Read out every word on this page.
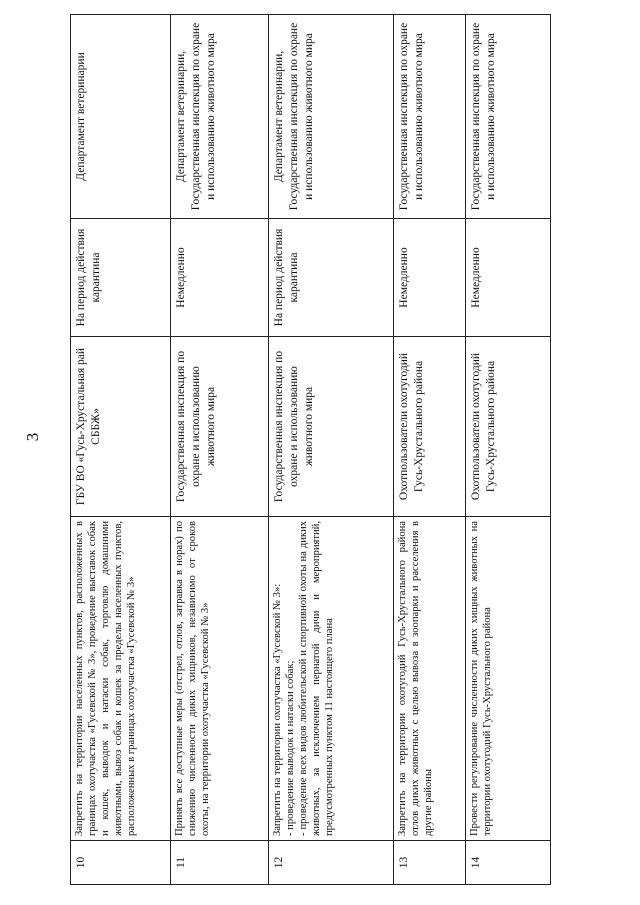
3
10	Запретить на территории населенных пунктов, расположенных в границах охотучастка «Гусевской № 3», проведение выставок собак и кошек, выводок и натаски собак, торговлю домашними животными, вывоз собак и кошек за пределы населенных пунктов, расположенных в границах охотучастка «Гусевской № 3»	ГБУ ВО «Гусь-Хрустальная рай СББЖ»	На период действия карантина	Департамент ветеринарии
11	Принять все доступные меры (отстрел, отлов, затравка в норах) по снижению численности диких хищников, независимо от сроков охоты, на территории охотучастка «Гусевской № 3»	Государственная инспекция по охране и использованию животного мира	Немедленно	Департамент ветеринарии, Государственная инспекция по охране и использованию животного мира
12	Запретить на территории охотучастка «Гусевской № 3»: - проведение выводок и натаски собак; - проведение всех видов любительской и спортивной охоты на диких животных, за исключением пернатой дичи и мероприятий, предусмотренных пунктом 11 настоящего плана	Государственная инспекция по охране и использованию животного мира	На период действия карантина	Департамент ветеринарии, Государственная инспекция по охране и использованию животного мира
13	Запретить на территории охотугодий Гусь-Хрустального района отлов диких животных с целью вывоза в зоопарки и расселения в другие районы	Охотпользователи охотугодий Гусь-Хрустального района	Немедленно	Государственная инспекция по охране и использованию животного мира
14	Провести регулирование численности диких хищных животных на территории охотугодий Гусь-Хрустального района	Охотпользователи охотугодий Гусь-Хрустального района	Немедленно	Государственная инспекция по охране и использованию животного мира
